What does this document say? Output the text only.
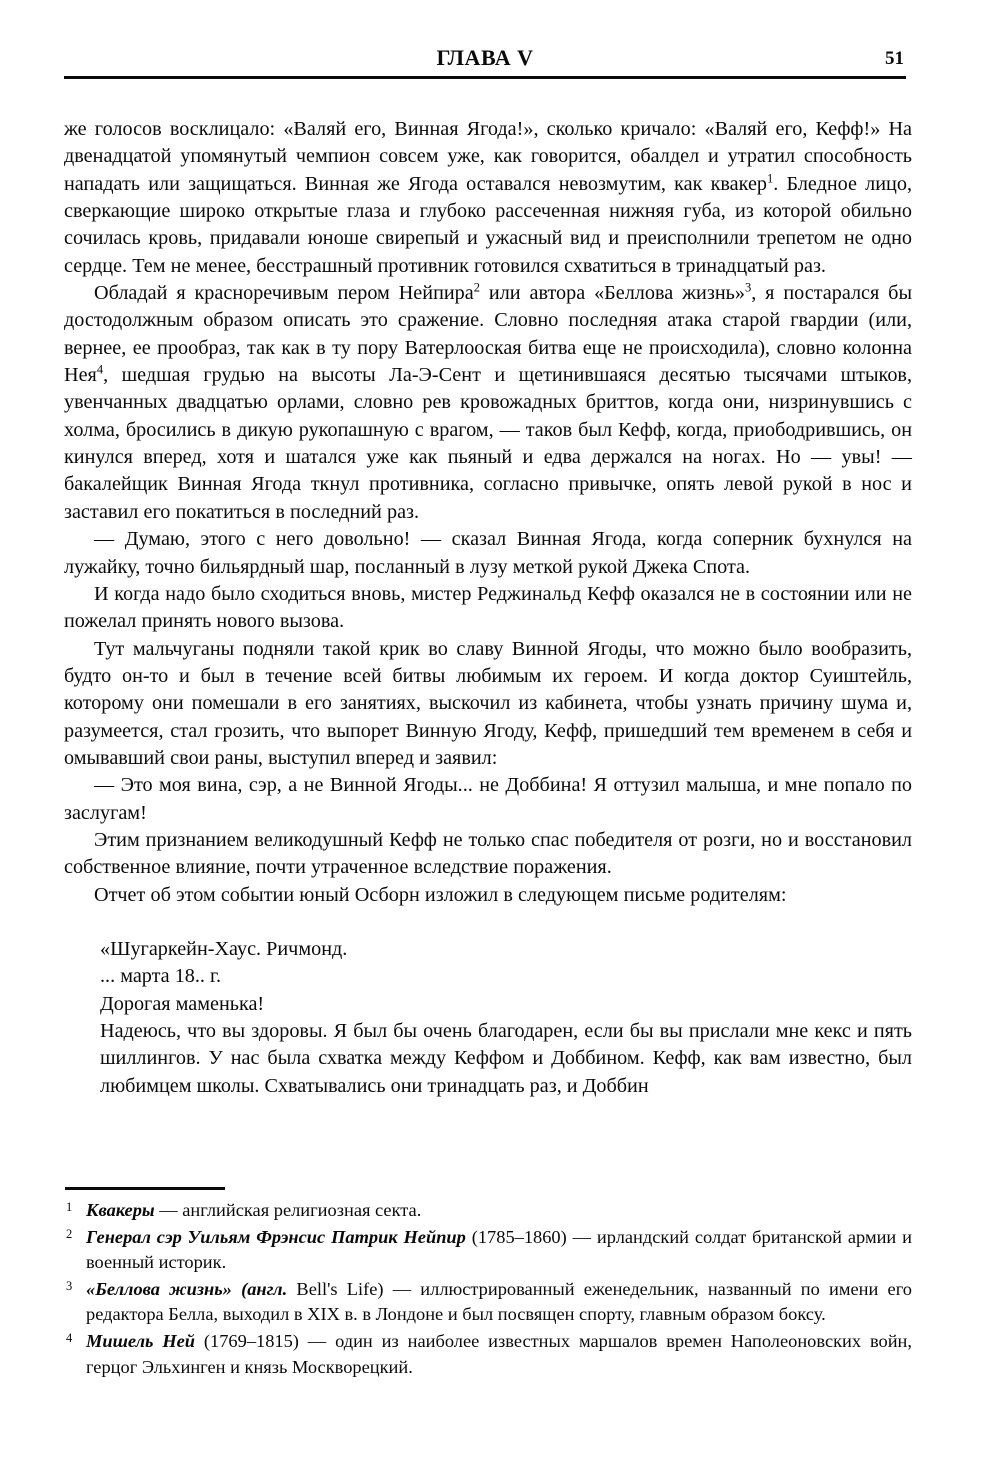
ГЛАВА V	51

же голосов восклицало: «Валяй его, Винная Ягода!», сколько кричало: «Валяй его, Кефф!» На двенадцатой упомянутый чемпион совсем уже, как говорится, обалдел и утратил способность нападать или защищаться. Винная же Ягода оставался невозмутим, как квакер$^1$. Бледное лицо, сверкающие широко открытые глаза и глубоко рассеченная нижняя губа, из которой обильно сочилась кровь, придавали юноше свирепый и ужасный вид и преисполнили трепетом не одно сердце. Тем не менее, бесстрашный противник готовился схватиться в тринадцатый раз.

Обладай я красноречивым пером Нейпира$^2$ или автора «Беллова жизнь»$^3$, я постарался бы достодолжным образом описать это сражение. Словно последняя атака старой гвардии (или, вернее, ее прообраз, так как в ту пору Ватерлооская битва еще не происходила), словно колонна Нея$^4$, шедшая грудью на высоты Ла-Э-Сент и щетинившаяся десятью тысячами штыков, увенчанных двадцатью орлами, словно рев кровожадных бриттов, когда они, низринувшись с холма, бросились в дикую рукопашную с врагом, — таков был Кефф, когда, приободрившись, он кинулся вперед, хотя и шатался уже как пьяный и едва держался на ногах. Но — увы! — бакалейщик Винная Ягода ткнул противника, согласно привычке, опять левой рукой в нос и заставил его покатиться в последний раз.

— Думаю, этого с него довольно! — сказал Винная Ягода, когда соперник бухнулся на лужайку, точно бильярдный шар, посланный в лузу меткой рукой Джека Спота.

И когда надо было сходиться вновь, мистер Реджинальд Кефф оказался не в состоянии или не пожелал принять нового вызова.

Тут мальчуганы подняли такой крик во славу Винной Ягоды, что можно было вообразить, будто он-то и был в течение всей битвы любимым их героем. И когда доктор Суиштейль, которому они помешали в его занятиях, выскочил из кабинета, чтобы узнать причину шума и, разумеется, стал грозить, что выпорет Винную Ягоду, Кефф, пришедший тем временем в себя и омывавший свои раны, выступил вперед и заявил:

— Это моя вина, сэр, а не Винной Ягоды... не Доббина! Я оттузил малыша, и мне попало по заслугам!

Этим признанием великодушный Кефф не только спас победителя от розги, но и восстановил собственное влияние, почти утраченное вследствие поражения.

Отчет об этом событии юный Осборн изложил в следующем письме родителям:

«Шугаркейн-Хаус. Ричмонд.

... марта 18.. г.

Дорогая маменька!

Надеюсь, что вы здоровы. Я был бы очень благодарен, если бы вы прислали мне кекс и пять шиллингов. У нас была схватка между Кеффом и Доббином. Кефф, как вам известно, был любимцем школы. Схватывались они тринадцать раз, и Доббин

1 Квакеры — английская религиозная секта.

2 Генерал сэр Уильям Фрэнсис Патрик Нейпир (1785–1860) — ирландский солдат британской армии и военный историк.

3 «Беллова жизнь» (англ. Bell's Life) — иллюстрированный еженедельник, названный по имени его редактора Белла, выходил в XIX в. в Лондоне и был посвящен спорту, главным образом боксу.

4 Мишель Ней (1769–1815) — один из наиболее известных маршалов времен Наполеоновских войн, герцог Эльхинген и князь Москворецкий.
